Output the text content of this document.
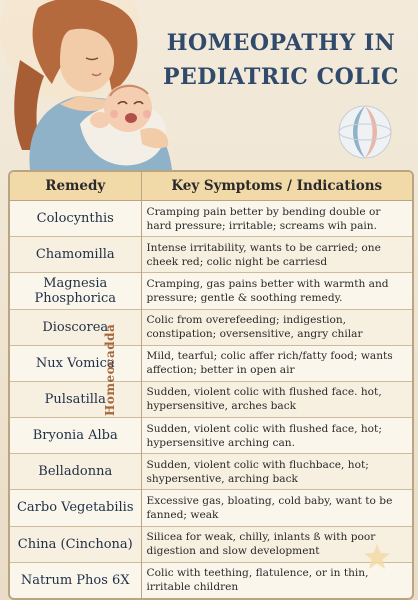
HOMEOPATHY IN
PEDIATRIC COLIC
Remedy	Key Symptoms / Indications
Colocynthis	Cramping pain better by bending double or hard pressure; irritable; screams wih pain.
Chamomilla	Intense irritability, wants to be carried; one cheek red; colic night be carriesd
Magnesia Phosphorica	Cramping, gas pains better with warmth and pressure; gentle & soothing remedy.
Dioscorea	Colic from overefeeding; indigestion, constipation; oversensitive, angry chilar
Nux Vomica	Mild, tearful; colic affer rich/fatty food; wants affection; better in open air
Pulsatilla	Sudden, violent colic with flushed face. hot, hypersensitive, arches back
Bryonia Alba	Sudden, violent colic with flushed face, hot; hypersensitive arching can.
Belladonna	Sudden, violent colic with fluchbace, hot; shypersentive, arching back
Carbo Vegetabilis	Excessive gas, bloating, cold baby, want to be fanned; weak
China (Cinchona)	Silicea for weak, chilly, inlants ß with poor digestion and slow development
Natrum Phos 6X	Colic with teething, flatulence, or in thin, irritable children
Homeocadda
